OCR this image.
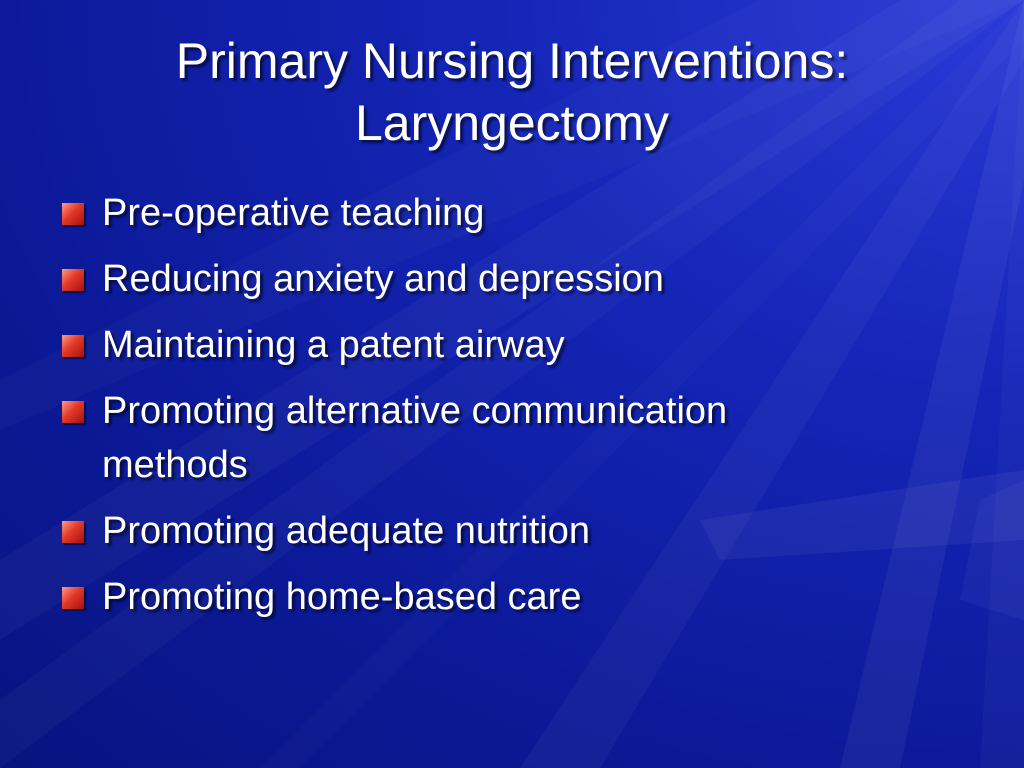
Primary Nursing Interventions:
Laryngectomy
Pre-operative teaching
Reducing anxiety and depression
Maintaining a patent airway
Promoting alternative communication
methods
Promoting adequate nutrition
Promoting home-based care
